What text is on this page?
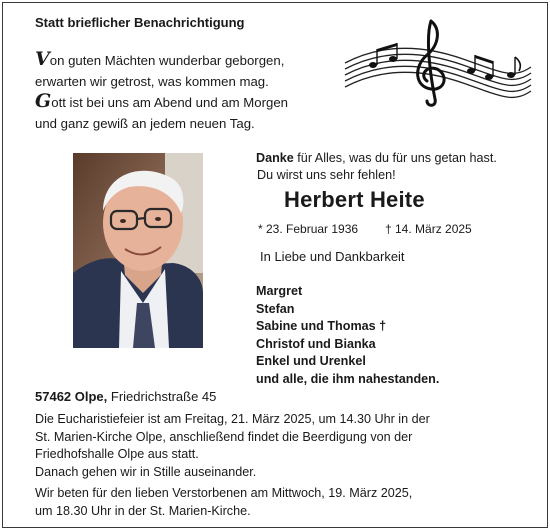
Statt brieflicher Benachrichtigung
Von guten Mächten wunderbar geborgen,
erwarten wir getrost, was kommen mag.
Gott ist bei uns am Abend und am Morgen
und ganz gewiß an jedem neuen Tag.
Danke für Alles, was du für uns getan hast.
Du wirst uns sehr fehlen!
Herbert Heite
* 23. Februar 1936 † 14. März 2025
In Liebe und Dankbarkeit
Margret
Stefan
Sabine und Thomas †
Christof und Bianka
Enkel und Urenkel
und alle, die ihm nahestanden.
57462 Olpe, Friedrichstraße 45
Die Eucharistiefeier ist am Freitag, 21. März 2025, um 14.30 Uhr in der
St. Marien-Kirche Olpe, anschließend findet die Beerdigung von der
Friedhofshalle Olpe aus statt.
Danach gehen wir in Stille auseinander.
Wir beten für den lieben Verstorbenen am Mittwoch, 19. März 2025,
um 18.30 Uhr in der St. Marien-Kirche.
